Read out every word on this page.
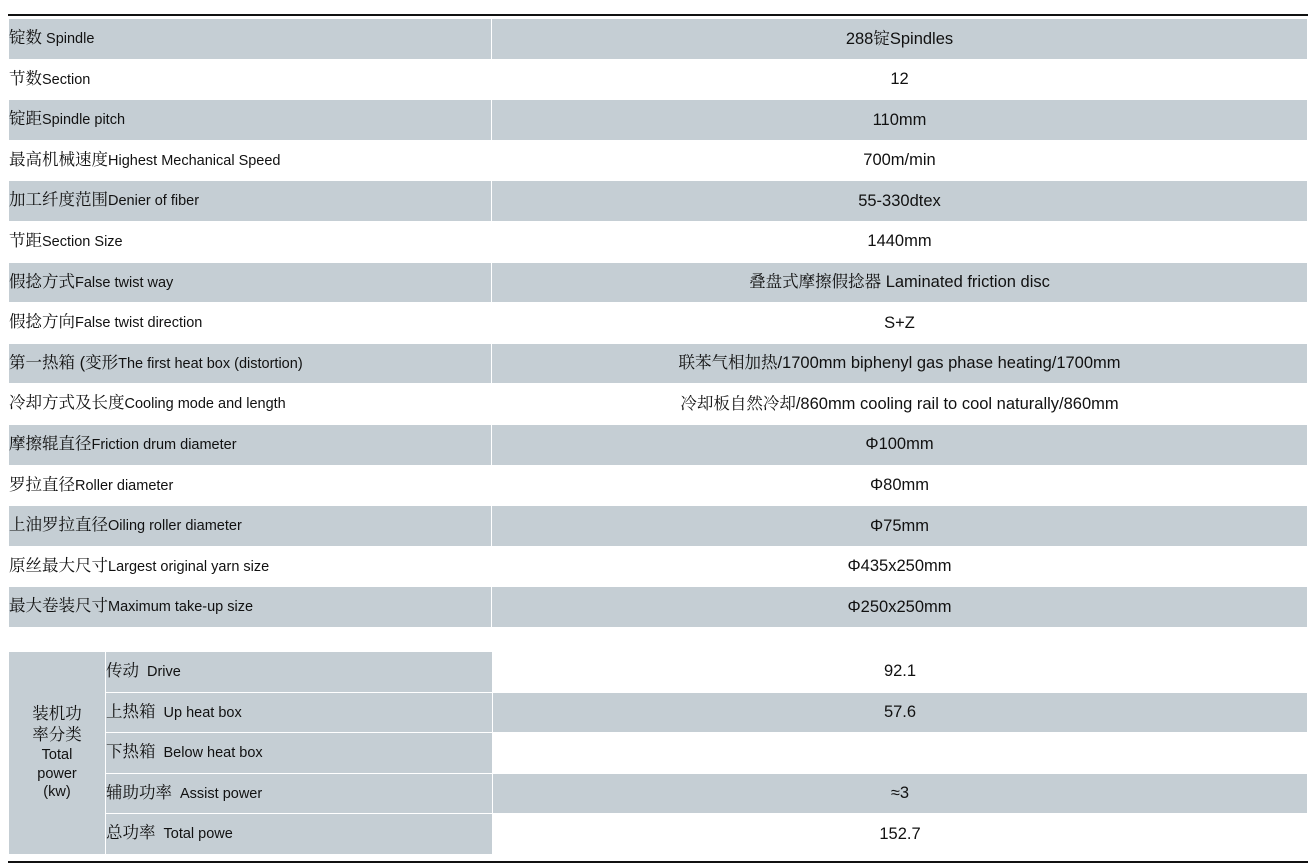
锭数 Spindle	288锭Spindles
节数Section	12
锭距Spindle pitch	110mm
最高机械速度Highest Mechanical Speed	700m/min
加工纤度范围Denier of fiber	55-330dtex
节距Section Size	1440mm
假捻方式False twist way	叠盘式摩擦假捻器 Laminated friction disc
假捻方向False twist direction	S+Z
第一热箱 (变形The first heat box (distortion)	联苯气相加热/1700mm biphenyl gas phase heating/1700mm
冷却方式及长度Cooling mode and length	冷却板自然冷却/860mm cooling rail to cool naturally/860mm
摩擦辊直径Friction drum diameter	Φ100mm
罗拉直径Roller diameter	Φ80mm
上油罗拉直径Oiling roller diameter	Φ75mm
原丝最大尺寸Largest original yarn size	Φ435x250mm
最大卷装尺寸Maximum take-up size	Φ250x250mm

装机功
率分类
Total
power
(kw)	传动 Drive	92.1
	上热箱 Up heat box	57.6
	下热箱 Below heat box	
	辅助功率 Assist power	≈3
	总功率 Total powe	152.7
